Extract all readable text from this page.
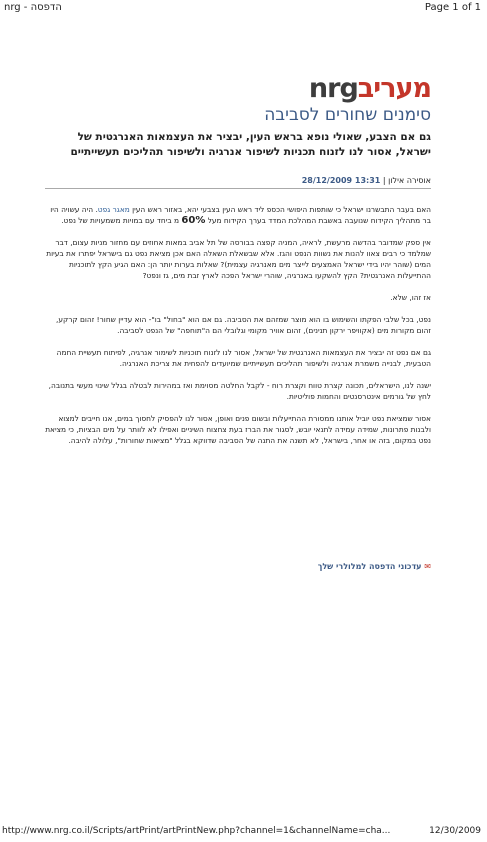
nrg - הדפסה	Page 1 of 1
nrgמעריב
סימנים שחורים לסביבה
גם אם הצבע, שאולי נופא בראש העין, יבציר את העצמאות האנרגטית של ישראל, אסור לנו לזנוח תכניות לשיפור אנרגיה ולשיפור תהליכים תעשייתיים
אוסירה אילון | 13:31 28/12/2009

האם בעבר התבשרנו ישראל כי שותפות היפושי הכספ ליד ראש העין בצבעי יהא, באזור ראש העין מאגר גפט. היה עשויה היו בר מתהליך הקידוח שנועבה באשבת המהלכת המדד בערך הקידוח מעל 60% מ ביחד עם במויות משמעויות של נפט.

אין ספק שמדובר בהדשה מרעשת, לראיה, המניה קפצה בבורסה של תל אביב במאות אחוזים עם מחזור מניות עצום, דבר שמלמד כי רבים צאוו להנות את נשוות הנפט והגז. אלא שבשאלת השאלה האם אכן מציאת נפט גם בישראל יפתרו את בעיות המים (שוהר יהיו בידי ישראל האמצעים לייצר מים מאנרגיה עצמית)? שאלות בערות יותר הן: האם הגיע הקץ לתוכניות ההתייעלות האנרגטית? הקץ להשקעו באנרגיה, שוהרי ישראל הפכה לארץ זבת מים, גז ונפט?

אז זהו, שלא.

נפט, בכל שלבי הפקתו והשימוש בו הוא מוצר שמזהם את הסביבה. גם אם הוא "בחול" בו"- הוא עדיין שחור! זהום קרקע, זהום מקורות מים (אקוויפר ירקון תנינים), זהום אוויר מקומי וגלובלי הם ה"תוחפה" של הנפט לסביבה.

גם אם נפט זה יבציר את העצמאות האנרגטית של ישראל, אסור לנו לזנוח תוכניות לשימור אנרגיה, לפיתוח תעשיית החמה הטבעית, לבנייה משמרת אנרגיה ולשיפור תהליכים תעשייתיים שמיועדים להפחית את צריכת האנרגיה.

ישנה לנו, הישראלים, תכונה קצרת טווח וקצרת רוח - לקבל החלטה מסוימת ואז במהירות לבטלה בגלל שינוי מעשי בתנובה, לחץ של גורמים אינטרסנטים והחמות פוליטיות.

אסור שמציאת נפט יוביל אותנו ממסורת ההתייעלות ובשום פנים ואופן, אסור לנו להפסיק לחסוך במים, אנו חייבים למצוא ולבנות פתרונות, שמידה עמידה לתנאי יובש, לסגור את הברז בעת צחצוח השיניים ואפילו לא לוותר על מים הבציות, כי מציאת נפט במקום, בזה או אחר, בישראל, לא תשנה את התנה של הסביבה שדווקא בגלל "מציאות שחורות", עלולה להיבה.

✉ עדכוני הדפסה למלולרי שלך
http://www.nrg.co.il/Scripts/artPrint/artPrintNew.php?channel=1&channelName=cha...	12/30/2009
